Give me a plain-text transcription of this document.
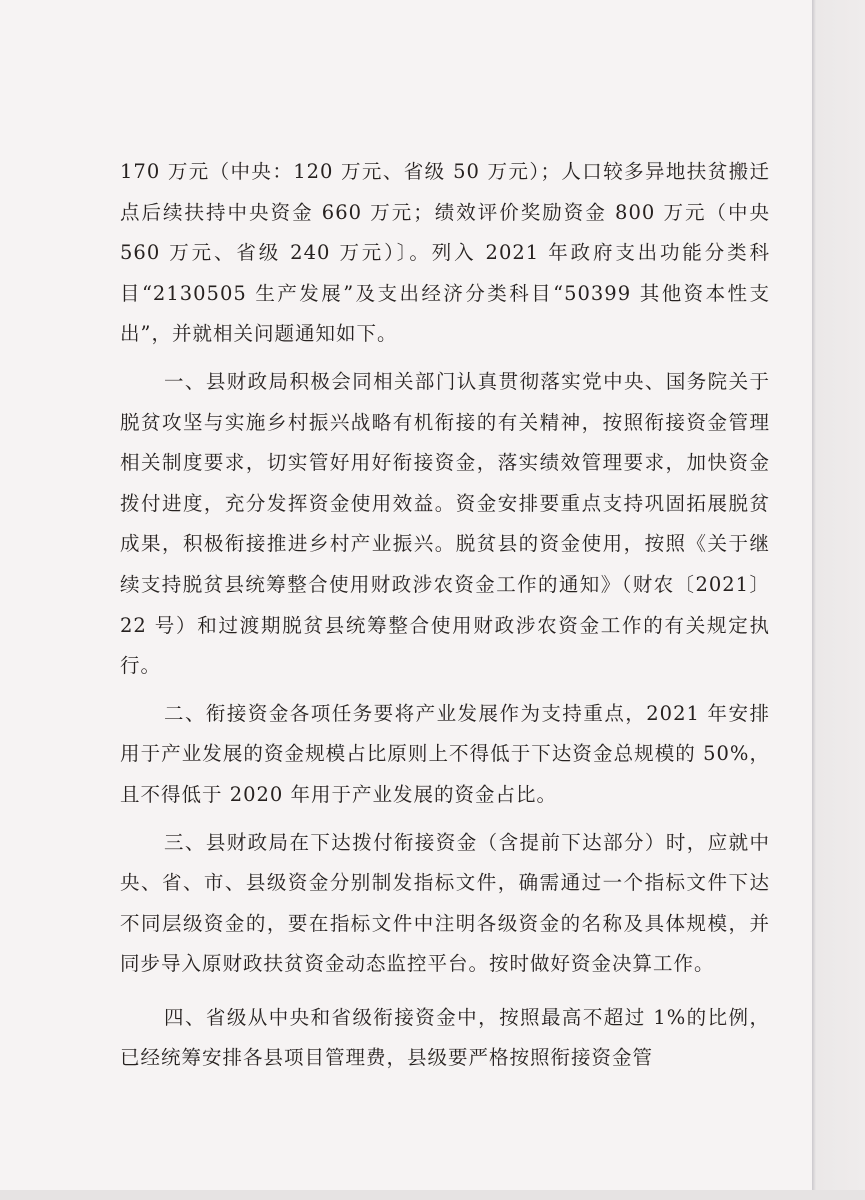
170 万元（中央：120 万元、省级 50 万元）；人口较多异地扶贫搬迁点后续扶持中央资金 660 万元；绩效评价奖励资金 800 万元（中央 560 万元、省级 240 万元）〕。列入 2021 年政府支出功能分类科目“2130505 生产发展”及支出经济分类科目“50399 其他资本性支出”，并就相关问题通知如下。

一、县财政局积极会同相关部门认真贯彻落实党中央、国务院关于脱贫攻坚与实施乡村振兴战略有机衔接的有关精神，按照衔接资金管理相关制度要求，切实管好用好衔接资金，落实绩效管理要求，加快资金拨付进度，充分发挥资金使用效益。资金安排要重点支持巩固拓展脱贫成果，积极衔接推进乡村产业振兴。脱贫县的资金使用，按照《关于继续支持脱贫县统筹整合使用财政涉农资金工作的通知》（财农〔2021〕22 号）和过渡期脱贫县统筹整合使用财政涉农资金工作的有关规定执行。

二、衔接资金各项任务要将产业发展作为支持重点，2021 年安排用于产业发展的资金规模占比原则上不得低于下达资金总规模的 50%，且不得低于 2020 年用于产业发展的资金占比。

三、县财政局在下达拨付衔接资金（含提前下达部分）时，应就中央、省、市、县级资金分别制发指标文件，确需通过一个指标文件下达不同层级资金的，要在指标文件中注明各级资金的名称及具体规模，并同步导入原财政扶贫资金动态监控平台。按时做好资金决算工作。

四、省级从中央和省级衔接资金中，按照最高不超过 1%的比例，已经统筹安排各县项目管理费，县级要严格按照衔接资金管
